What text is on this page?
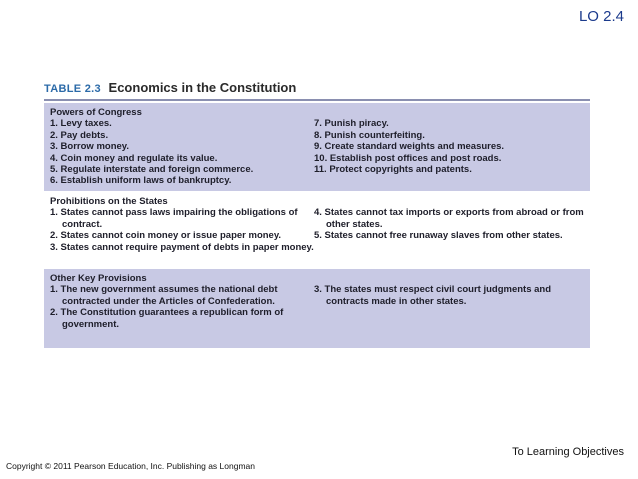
LO 2.4
TABLE 2.3 Economics in the Constitution
Powers of Congress
1. Levy taxes.
2. Pay debts.
3. Borrow money.
4. Coin money and regulate its value.
5. Regulate interstate and foreign commerce.
6. Establish uniform laws of bankruptcy.
7. Punish piracy.
8. Punish counterfeiting.
9. Create standard weights and measures.
10. Establish post offices and post roads.
11. Protect copyrights and patents.
Prohibitions on the States
1. States cannot pass laws impairing the obligations of contract.
2. States cannot coin money or issue paper money.
3. States cannot require payment of debts in paper money.
4. States cannot tax imports or exports from abroad or from other states.
5. States cannot free runaway slaves from other states.
Other Key Provisions
1. The new government assumes the national debt contracted under the Articles of Confederation.
2. The Constitution guarantees a republican form of government.
3. The states must respect civil court judgments and contracts made in other states.
To Learning Objectives
Copyright © 2011 Pearson Education, Inc. Publishing as Longman
